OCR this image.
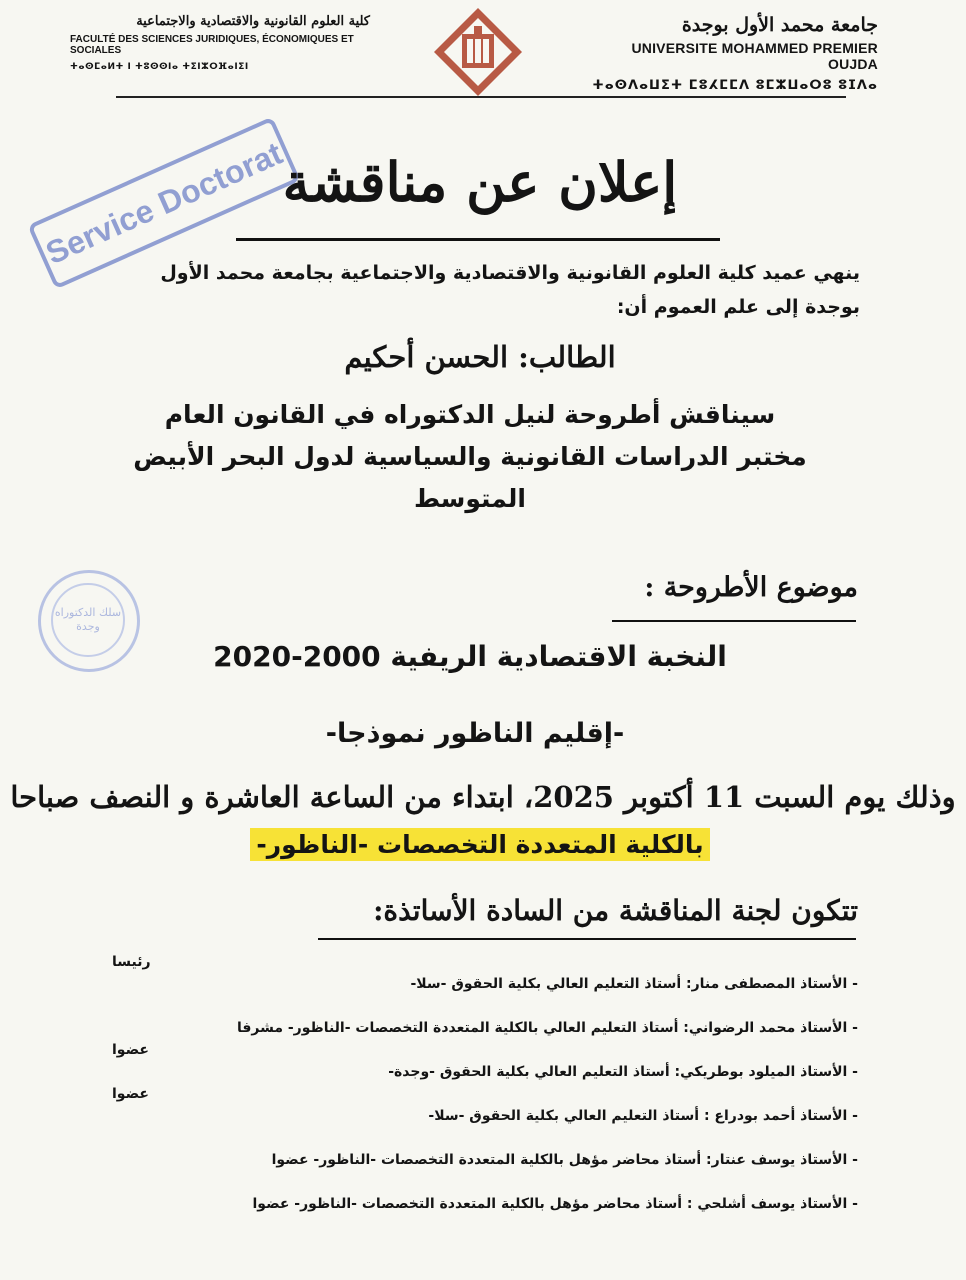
جامعة محمد الأول بوجدة
UNIVERSITE MOHAMMED PREMIER OUJDA
ⵜⴰⵙⴷⴰⵡⵉⵜ ⵎⵓⵃⵎⵎⴷ ⵓⵎⵣⵡⴰⵔⵓ ⵓⵊⴷⴰ
كلية العلوم القانونية والاقتصادية والاجتماعية
FACULTÉ DES SCIENCES JURIDIQUES, ÉCONOMIQUES ET SOCIALES
ⵜⴰⵙⵎⴰⵍⵜ ⵏ ⵜⵓⵙⵙⵏⴰ ⵜⵉⵏⵣⵔⴼⴰⵏⵉⵏ
Service Doctorat
سلك الدكتوراه وجدة
إعلان عن مناقشة
ينهي عميد كلية العلوم القانونية والاقتصادية والاجتماعية بجامعة محمد الأول بوجدة إلى علم العموم أن:
الطالب: الحسن أحكيم
سيناقش أطروحة لنيل الدكتوراه في القانون العام
مختبر الدراسات القانونية والسياسية لدول البحر الأبيض
المتوسط
موضوع الأطروحة :
النخبة الاقتصادية الريفية 2000-2020
-إقليم الناظور نموذجا-
وذلك يوم السبت 11 أكتوبر 2025، ابتداء من الساعة العاشرة و النصف صباحا
بالكلية المتعددة التخصصات -الناظور-
تتكون لجنة المناقشة من السادة الأساتذة:
- الأستاذ المصطفى منار: أستاذ التعليم العالي بكلية الحقوق -سلا-
رئيسا
- الأستاذ محمد الرضواني: أستاذ التعليم العالي بالكلية المتعددة التخصصات -الناظور- مشرفا
- الأستاذ الميلود بوطريكي: أستاذ التعليم العالي بكلية الحقوق -وجدة-
عضوا
- الأستاذ أحمد بودراع : أستاذ التعليم العالي بكلية الحقوق -سلا-
عضوا
- الأستاذ يوسف عنتار: أستاذ محاضر مؤهل بالكلية المتعددة التخصصات -الناظور- عضوا
- الأستاذ يوسف أشلحي : أستاذ محاضر مؤهل بالكلية المتعددة التخصصات -الناظور- عضوا
